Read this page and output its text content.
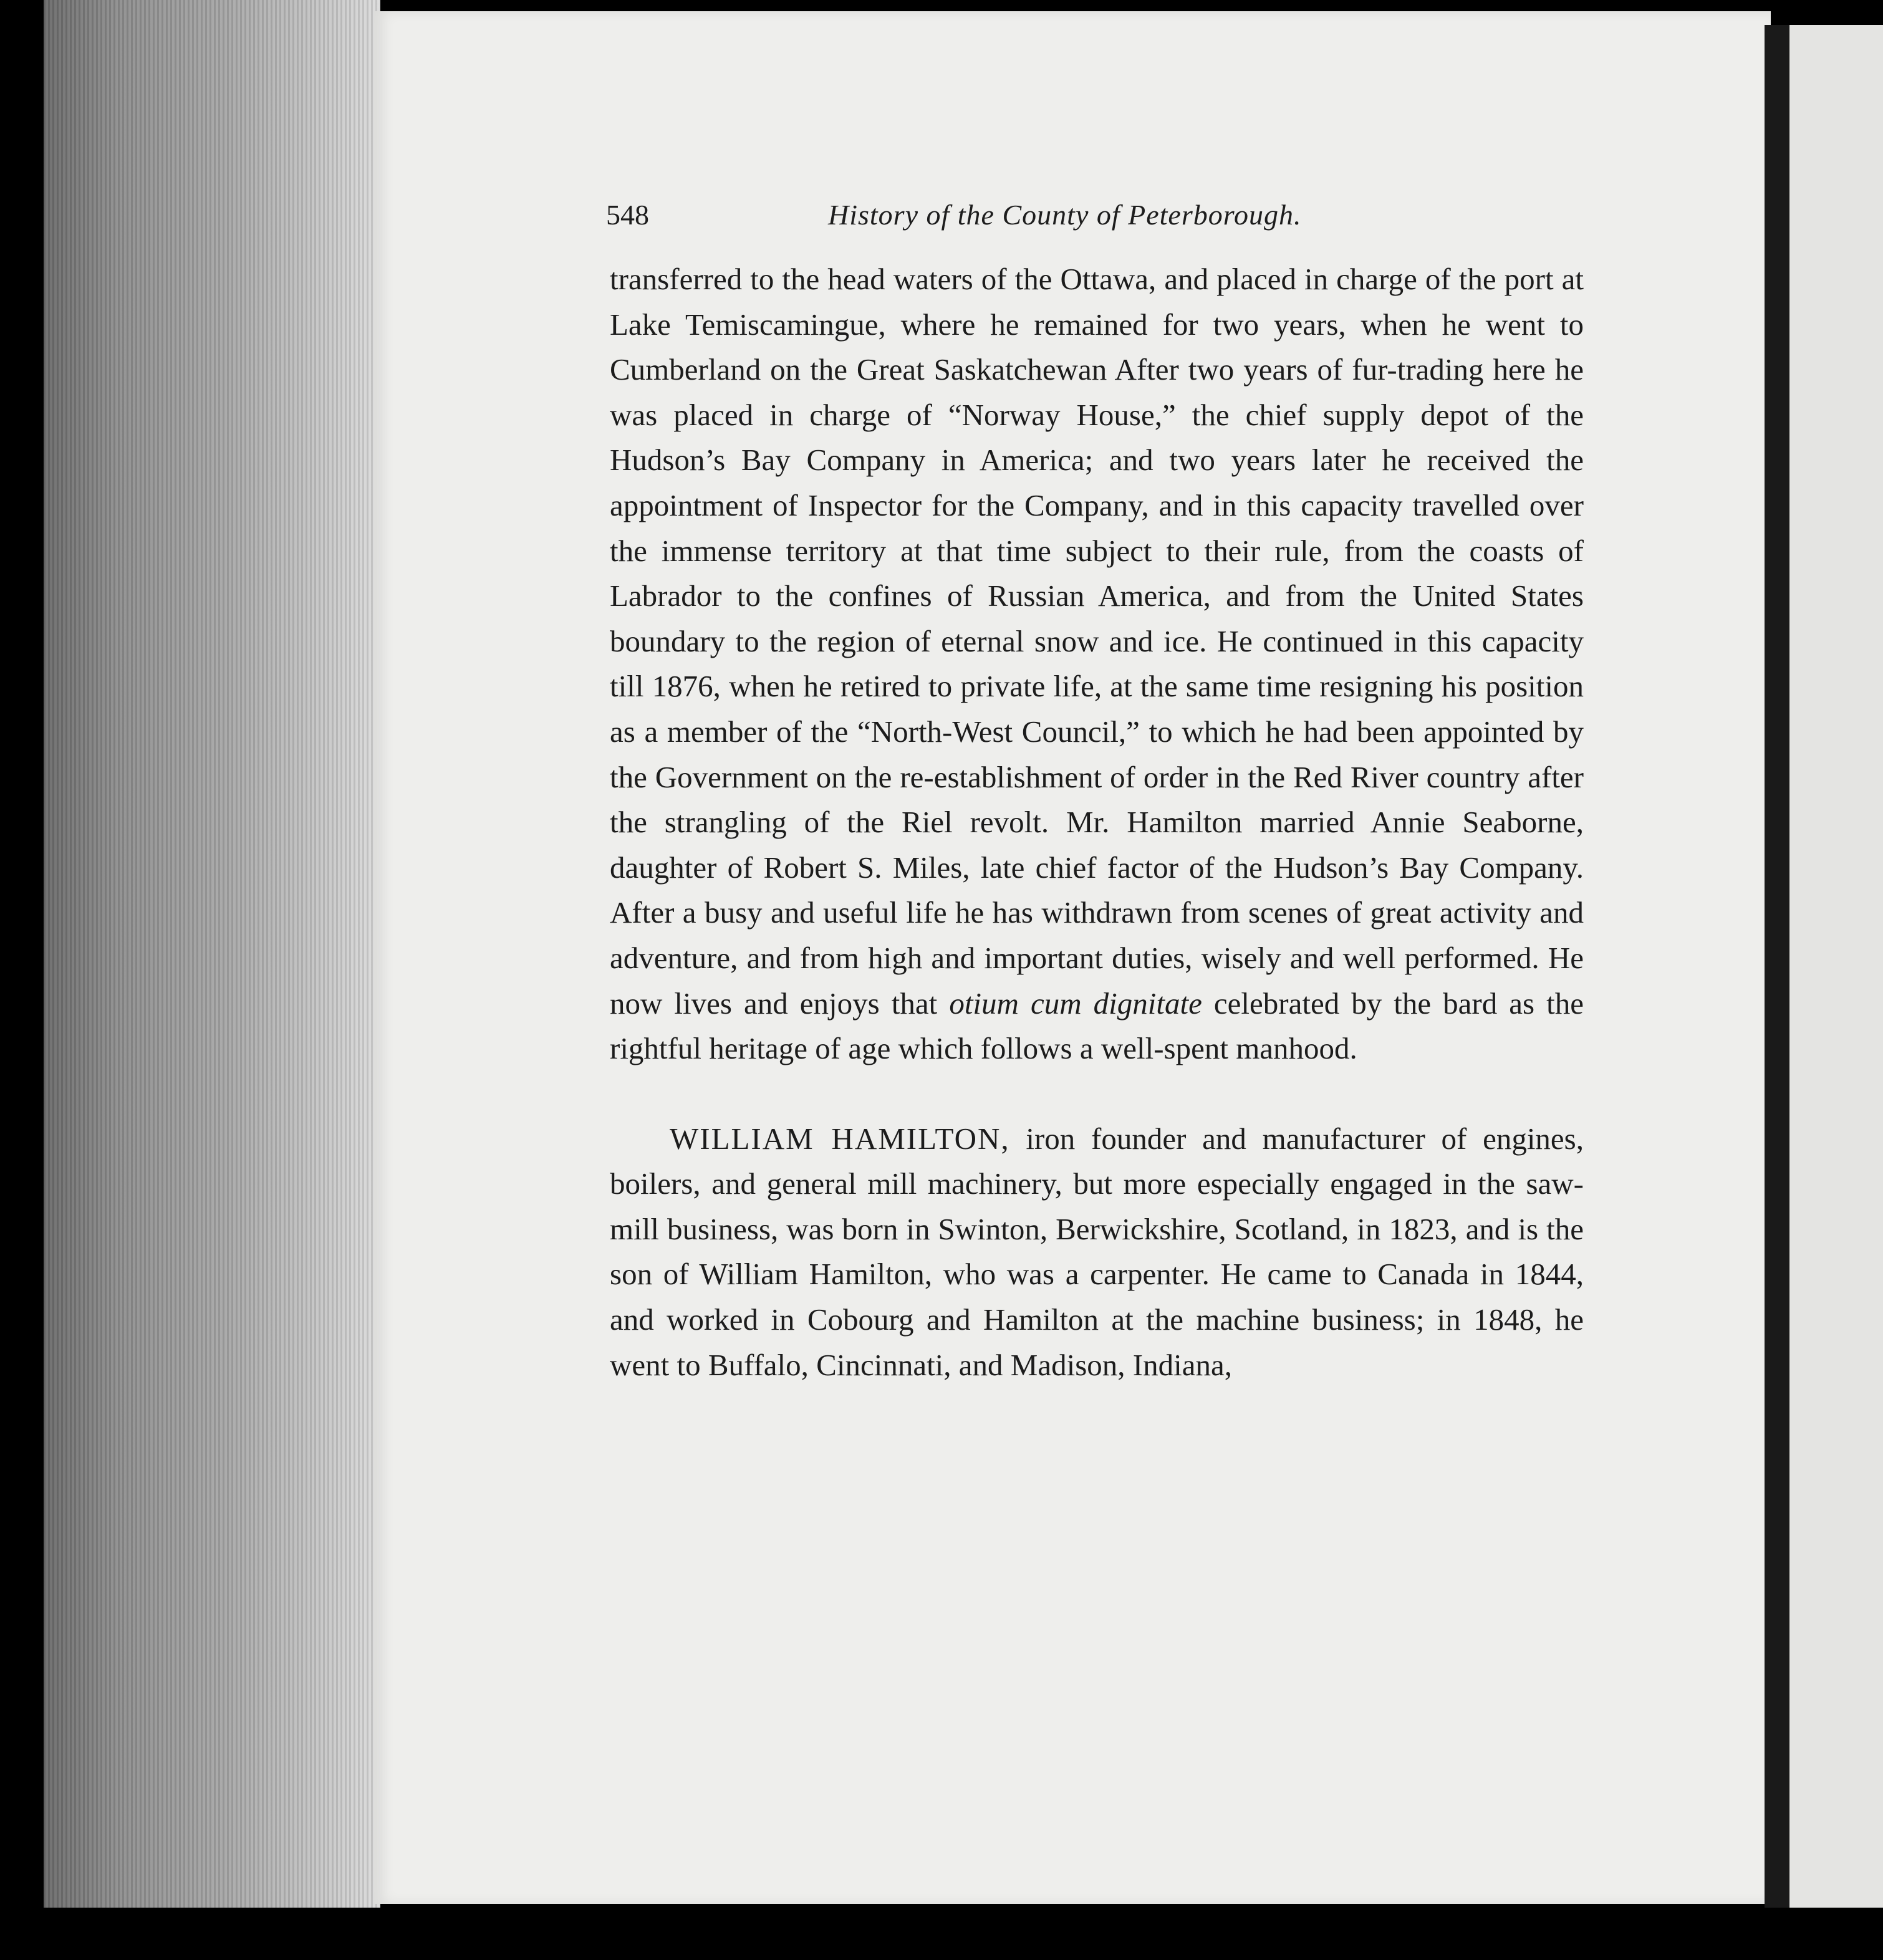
548	History of the County of Peterborough.

transferred to the head waters of the Ottawa, and placed in charge of the port at Lake Temiscamingue, where he remained for two years, when he went to Cumberland on the Great Saskatchewan After two years of fur-trading here he was placed in charge of “Norway House,” the chief supply depot of the Hudson’s Bay Company in America; and two years later he received the appointment of Inspector for the Company, and in this capacity travelled over the immense territory at that time subject to their rule, from the coasts of Labrador to the confines of Russian America, and from the United States boundary to the region of eternal snow and ice. He continued in this capacity till 1876, when he retired to private life, at the same time resigning his position as a member of the “North-West Council,” to which he had been appointed by the Government on the re-establishment of order in the Red River country after the strangling of the Riel revolt. Mr. Hamilton married Annie Seaborne, daughter of Robert S. Miles, late chief factor of the Hudson’s Bay Company. After a busy and useful life he has withdrawn from scenes of great activity and adventure, and from high and important duties, wisely and well performed. He now lives and enjoys that otium cum dignitate celebrated by the bard as the rightful heritage of age which follows a well-spent manhood.

WILLIAM HAMILTON, iron founder and manufacturer of engines, boilers, and general mill machinery, but more especially engaged in the saw-mill business, was born in Swinton, Berwickshire, Scotland, in 1823, and is the son of William Hamilton, who was a carpenter. He came to Canada in 1844, and worked in Cobourg and Hamilton at the machine business; in 1848, he went to Buffalo, Cincinnati, and Madison, Indiana,
